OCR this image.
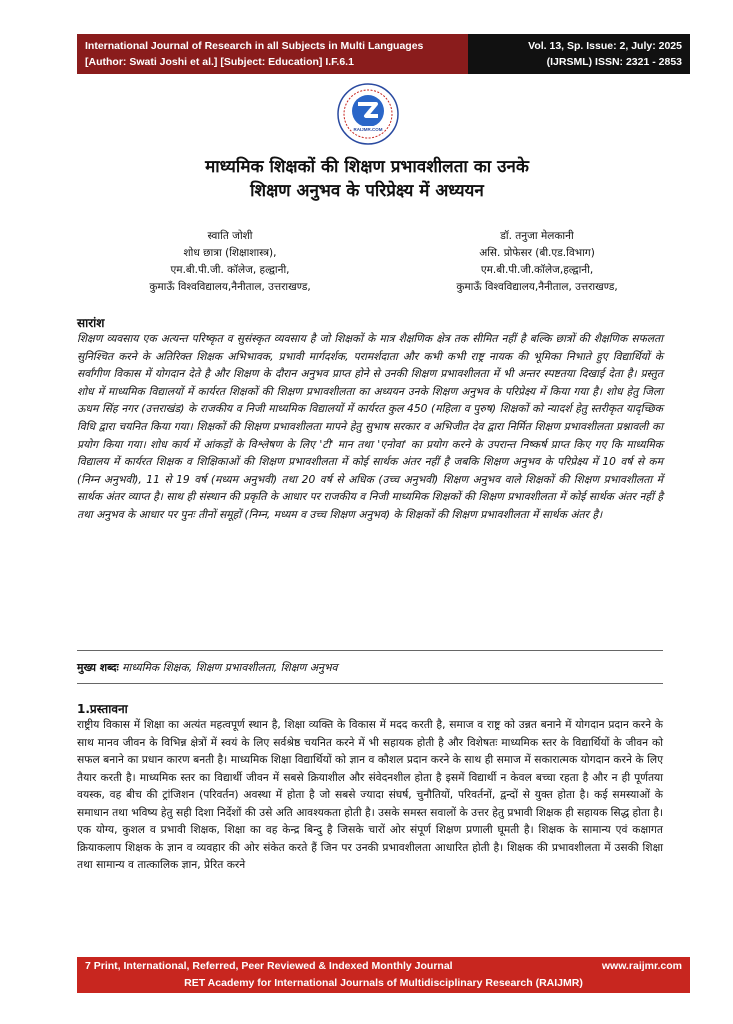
International Journal of Research in all Subjects in Multi Languages
[Author: Swati Joshi et al.] [Subject: Education] I.F.6.1
Vol. 13, Sp. Issue: 2, July: 2025
(IJRSML) ISSN: 2321 - 2853
RAIJMR.COM
माध्यमिक शिक्षकों की शिक्षण प्रभावशीलता का उनके
शिक्षण अनुभव के परिप्रेक्ष्य में अध्ययन
स्वाति जोशी
शोध छात्रा (शिक्षाशास्त्र),
एम.बी.पी.जी. कॉलेज, हल्द्वानी,
कुमाऊँ विश्वविद्यालय,नैनीताल, उत्तराखण्ड,
डॉ. तनुजा मेलकानी
असि. प्रोफेसर (बी.एड.विभाग)
एम.बी.पी.जी.कॉलेज,हल्द्वानी,
कुमाऊँ विश्वविद्यालय,नैनीताल, उत्तराखण्ड,
सारांश
शिक्षण व्यवसाय एक अत्यन्त परिष्कृत व सुसंस्कृत व्यवसाय है जो शिक्षकों के मात्र शैक्षणिक क्षेत्र तक सीमित नहीं है बल्कि छात्रों की शैक्षणिक सफलता सुनिश्चित करने के अतिरिक्त शिक्षक अभिभावक, प्रभावी मार्गदर्शक, परामर्शदाता और कभी कभी राष्ट्र नायक की भूमिका निभाते हुए विद्यार्थियों के सर्वांगीण विकास में योगदान देते है और शिक्षण के दौरान अनुभव प्राप्त होने से उनकी शिक्षण प्रभावशीलता में भी अन्तर स्पष्टतया दिखाई देता है। प्रस्तुत शोध में माध्यमिक विद्यालयों में कार्यरत शिक्षकों की शिक्षण प्रभावशीलता का अध्ययन उनके शिक्षण अनुभव के परिप्रेक्ष्य में किया गया है। शोध हेतु जिला ऊधम सिंह नगर (उत्तराखंड) के राजकीय व निजी माध्यमिक विद्यालयों में कार्यरत कुल 450 (महिला व पुरुष) शिक्षकों को न्यादर्श हेतु स्तरीकृत यादृच्छिक विधि द्वारा चयनित किया गया। शिक्षकों की शिक्षण प्रभावशीलता मापने हेतु सुभाष सरकार व अभिजीत देव द्वारा निर्मित शिक्षण प्रभावशीलता प्रश्नावली का प्रयोग किया गया। शोध कार्य में आंकड़ों के विश्लेषण के लिए 'टी' मान तथा 'एनोवा' का प्रयोग करने के उपरान्त निष्कर्ष प्राप्त किए गए कि माध्यमिक विद्यालय में कार्यरत शिक्षक व शिक्षिकाओं की शिक्षण प्रभावशीलता में कोई सार्थक अंतर नहीं है जबकि शिक्षण अनुभव के परिप्रेक्ष्य में 10 वर्ष से कम (निम्न अनुभवी), 11 से 19 वर्ष (मध्यम अनुभवी) तथा 20 वर्ष से अधिक (उच्च अनुभवी) शिक्षण अनुभव वाले शिक्षकों की शिक्षण प्रभावशीलता में सार्थक अंतर व्याप्त है। साथ ही संस्थान की प्रकृति के आधार पर राजकीय व निजी माध्यमिक शिक्षकों की शिक्षण प्रभावशीलता में कोई सार्थक अंतर नहीं है तथा अनुभव के आधार पर पुनः तीनों समूहों (निम्न, मध्यम व उच्च शिक्षण अनुभव) के शिक्षकों की शिक्षण प्रभावशीलता में सार्थक अंतर है।
मुख्य शब्दः माध्यमिक शिक्षक, शिक्षण प्रभावशीलता, शिक्षण अनुभव
1.प्रस्तावना
राष्ट्रीय विकास में शिक्षा का अत्यंत महत्वपूर्ण स्थान है, शिक्षा व्यक्ति के विकास में मदद करती है, समाज व राष्ट्र को उन्नत बनाने में योगदान प्रदान करने के साथ मानव जीवन के विभिन्न क्षेत्रों में स्वयं के लिए सर्वश्रेष्ठ चयनित करने में भी सहायक होती है और विशेषतः माध्यमिक स्तर के विद्यार्थियों के जीवन को सफल बनाने का प्रधान कारण बनती है। माध्यमिक शिक्षा विद्यार्थियों को ज्ञान व कौशल प्रदान करने के साथ ही समाज में सकारात्मक योगदान करने के लिए तैयार करती है। माध्यमिक स्तर का विद्यार्थी जीवन में सबसे क्रियाशील और संवेदनशील होता है इसमें विद्यार्थी न केवल बच्चा रहता है और न ही पूर्णतया वयस्क, वह बीच की ट्रांजिशन (परिवर्तन) अवस्था में होता है जो सबसे ज्यादा संघर्ष, चुनौतियों, परिवर्तनों, द्वन्दों से युक्त होता है। कई समस्याओं के समाधान तथा भविष्य हेतु सही दिशा निर्देशों की उसे अति आवश्यकता होती है। उसके समस्त सवालों के उत्तर हेतु प्रभावी शिक्षक ही सहायक सिद्ध होता है। एक योग्य, कुशल व प्रभावी शिक्षक, शिक्षा का वह केन्द्र बिन्दु है जिसके चारों ओर संपूर्ण शिक्षण प्रणाली घूमती है। शिक्षक के सामान्य एवं कक्षागत क्रियाकलाप शिक्षक के ज्ञान व व्यवहार की ओर संकेत करते हैं जिन पर उनकी प्रभावशीलता आधारित होती है। शिक्षक की प्रभावशीलता में उसकी शिक्षा तथा सामान्य व तात्कालिक ज्ञान, प्रेरित करने
7 Print, International, Referred, Peer Reviewed & Indexed Monthly Journal	www.raijmr.com
RET Academy for International Journals of Multidisciplinary Research (RAIJMR)
